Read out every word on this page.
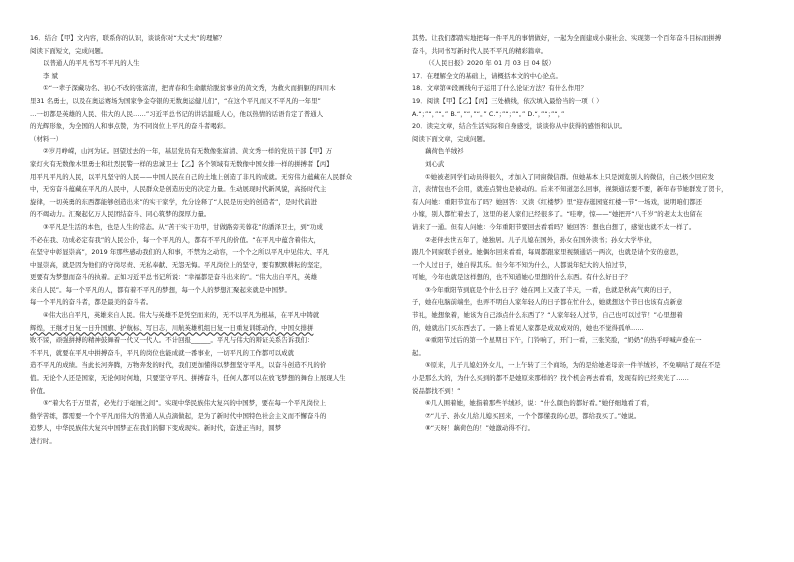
16．结合【甲】文内容，联系你的认识，谈谈你对“大丈夫”的理解？

阅读下面短文，完成问题。

以普通人的平凡书写不平凡的人生

李 斌

①“一辈子深藏功名、初心不改的张富清，把青春和生命献给脱贫事业的黄文秀，为救火而捐躯的四川木

里31 名勇士，以及在奥运赛场为国家争金夺银的无数奥运健儿们”，“在这个平凡而又不平凡的一年里”

…一切都是英雄的人民、伟大的人民……”习近平总书记的讲话温暖人心，他以热情的话语肯定了普通人

的光辉形象，为全国的人和事点赞，为不同岗位上平凡的奋斗者喝彩。

（材料一）

②岁月峥嵘，山河为证。回望过去的一年，基层党员有无数像张富清、黄文秀一样的党员干部【甲】万

家灯火有无数像木里勇士和壮烈民警一样的忠诚卫士【乙】各个领域有无数像中国女排一样的拼搏者【丙】

用平凡平凡的人民，以平凡坚守的人民——中国人民在自己的土地上创造了非凡的成就。无穷伟力蕴藏在人民群众

中，无穷奋斗蕴藏在平凡的人民中，人民群众是创造历史的决定力量。生动展现时代新风貌，高扬时代主

旋律，一切英勇的东西都能够创造出来”的实干家学，允分诠释了“人民是历史的创造者”，是时代前进

的不竭动力。汇聚起亿万人民团结奋斗、同心筑梦的深厚力量。

③平凡是生活的本色，也是人生的常态。从“苦干实干功甲，甘做路旁芙蓉花”的潘泽卫士，到“功成

不必在我、功成必定有我”的人民公仆，每一个平凡的人，都有不平凡的价值。“在平凡中蕴含着伟大，

在坚守中彰显崇高”，2019 年那些感动我们的人和事，不禁为之动容，一个个之所以平凡中见伟大、平凡

中显崇高，就是因为他们的守岗尽责、无私奉献、无怨无悔。平凡岗位上的坚守，要有默默耕耘的坚定，

更要有为梦想而奋斗的执着。正如习近平总书记所说：“幸福都是奋斗出来的”。“伟大出自平凡，英雄

来自人民”。每一个平凡的人，都有着不平凡的梦想，每一个人的梦想汇聚起来就是中国梦。

每一个平凡的奋斗者，都是最美的奋斗者。

④伟大出自平凡，英雄来自人民。伟大与英雄不是凭空而来的，无不以平凡为根基，在平凡中铸就

辉煌，王继才日复一日升国旗、护航标、写日志，川航英雄机组日复一日重复训练动作，中国女排拼

败不馁，顽强拼搏的精神鼓舞着一代又一代人。不计回报______。平凡与伟大的辩证关系告诉我们：

不平凡，就要在平凡中拼搏奋斗，平凡的岗位也能成就一番事业，一切平凡的工作都可以成就

造不平凡的成绩。当此长河奔腾，万物奔发的时代，我们更加懂得以梦想坚守平凡，以奋斗创造不凡的价

值。无论个人还是国家，无论何时何地，只要坚守平凡、拼搏奋斗，任何人都可以在放飞梦想的舞台上展现人生

价值。

⑤“着大名于万里者，必先行于毫厘之间”。实现中华民族伟大复兴的中国梦，要在每一个平凡岗位上

勤学苦练，都需要一个个平凡而伟大的普通人从点滴做起，是为了新时代中国特色社会主义而不懈奋斗的

追梦人，中华民族伟大复兴中国梦正在我们的脚下变成现实。新时代，奋进正当时，圆梦

进行时。

其势。让我们都踏实地把每一件平凡的事情做好，一起为全面建成小康社会、实现第一个百年奋斗目标而拼搏

奋斗，共同书写新时代人民不平凡的精彩篇章。

（《人民日报》2020 年 01 月 03 日 04 版）

17．在理解全文的基础上，请概括本文的中心论点。

18．文章第④段画线句子运用了什么论证方法？有什么作用？

19．阅读【甲】【乙】【丙】三处横线，依次填入最恰当的一项（ ）

A.“；”“，”“。” B.“，”“，”“。” C.“；”“；”“。” D.“，”“；”“，”

20．读完文章，结合生活实际和自身感受，谈谈你从中获得的感悟和认识。

阅读下面文章，完成问题。

藕荷色羊绒衫

刘心武

①她被老同学们动员得很久，才加入了同窗微信群。但她基本上只是浏览别人的微信，自己极少回应发

言，表情包也不会用，就连点赞也是被动的。后来不知道怎么回事，视频通话要不要，新年春节她群发了贺卡，

有人问她：重阳节宣布了吗？她回答：又读《红楼梦》里“迎春逛园宴红楼一节”一场戏，说明咱们都还

小嫁，别人都忙着去了，这里的老人家们已经很多了。“哇咿，惊——”她把开“八千岁”的老太太也留在

请来了一通。但有人问她：今年重阳节要回去看看吗？她回答：想也白想了，感觉也就不太一样了。

②老伴去世五年了，她独居。儿子儿媳在国外，孙女在国外读书；孙女大学毕业，

跟几个同窗联手创业。她偶尔回来看看，每周都跟家里视频通话一两次，也就是请个安的意思，

一个人过日子，她自得其乐。但今年不知为什么，人都说年纪大的人怕过节，

可她，今年也就是这样想的，也不知道她心里想的什么东西。有什么好日子？

③今年重阳节到底是个什么日子？她在网上又查了半天，一看，也就是秋高气爽的日子，

子，她在电脑前端坐，也弄不明白人家年轻人的日子都在忙什么，她就想这个节日也该有点新意

节礼，她想象着，她该为自己添点什么东西了？“人家年轻人过节，自己也可以过节！”心里想着

的，她就出门买东西去了。一路上看见人家都是成双成对的，她也不觉得孤单……

④重阳节过后的第一个星期日下午，门铃响了，开门一看，三张笑脸，“奶奶”的热乎呼喊声叠在一

起。

⑤原来，儿子儿媳妇外女儿，一上午转了三个商场，为的是给她老母亲一件羊绒衫，不免嘀咕了现在不是

小是那么大的，为什么买到的都不是她原来那样的？找个机会再去看看，发现有的已经卖光了……

说品都找不到！”

⑥几人围着她，她指着那些羊绒衫，说：“什么颜色的都好看。”她仔细地看了看，

⑦“儿子、孙女儿给儿媳买回来，一个个都懂我的心思，都给我买了。”她说。

⑧“天呀！藕荷色的！”她激动得不行。
